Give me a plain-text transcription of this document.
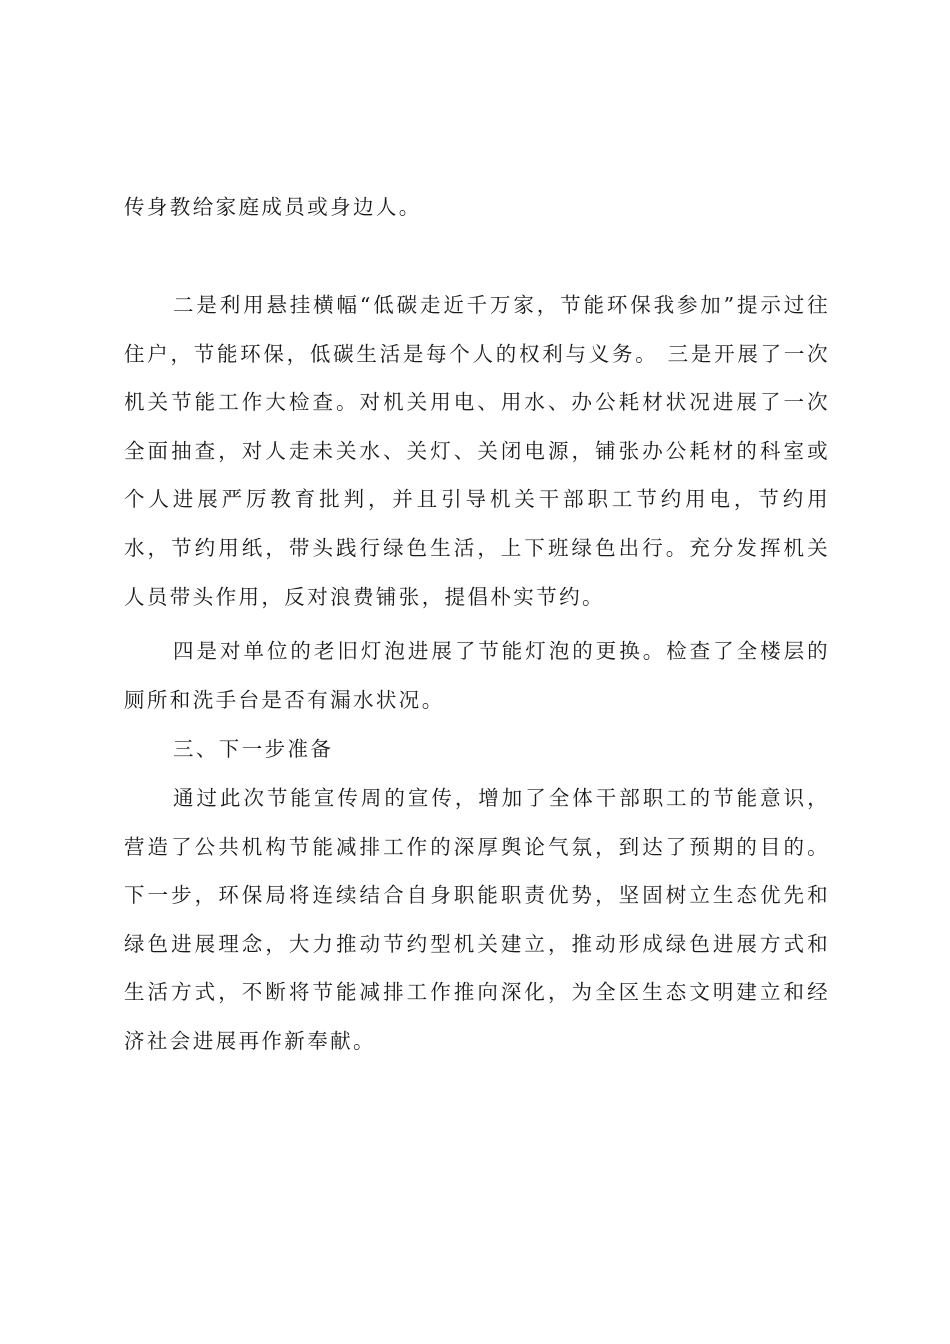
传身教给家庭成员或身边人。

二是利用悬挂横幅“低碳走近千万家，节能环保我参加”提示过往住户，节能环保，低碳生活是每个人的权利与义务。 三是开展了一次机关节能工作大检查。对机关用电、用水、办公耗材状况进展了一次全面抽查，对人走未关水、关灯、关闭电源，铺张办公耗材的科室或个人进展严厉教育批判，并且引导机关干部职工节约用电，节约用水，节约用纸，带头践行绿色生活，上下班绿色出行。充分发挥机关人员带头作用，反对浪费铺张，提倡朴实节约。

四是对单位的老旧灯泡进展了节能灯泡的更换。检查了全楼层的厕所和洗手台是否有漏水状况。

三、下一步准备

通过此次节能宣传周的宣传，增加了全体干部职工的节能意识，营造了公共机构节能减排工作的深厚舆论气氛，到达了预期的目的。下一步，环保局将连续结合自身职能职责优势，坚固树立生态优先和绿色进展理念，大力推动节约型机关建立，推动形成绿色进展方式和生活方式，不断将节能减排工作推向深化，为全区生态文明建立和经济社会进展再作新奉献。
